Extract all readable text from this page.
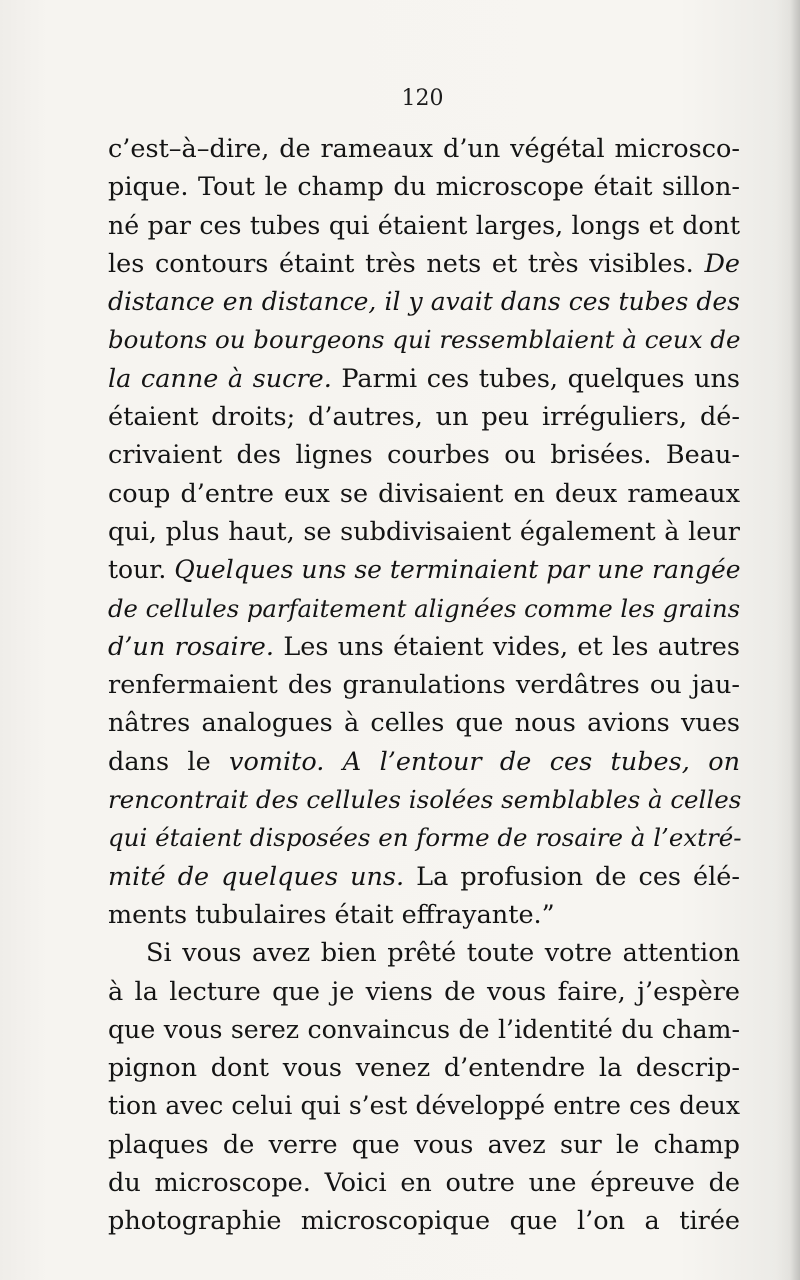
120
c’est–à–dire, de rameaux d’un végétal microsco-
pique. Tout le champ du microscope était sillon-
né par ces tubes qui étaient larges, longs et dont
les contours étaint très nets et très visibles. De
distance en distance, il y avait dans ces tubes des
boutons ou bourgeons qui ressemblaient à ceux de
la canne à sucre. Parmi ces tubes, quelques uns
étaient droits; d’autres, un peu irréguliers, dé-
crivaient des lignes courbes ou brisées. Beau-
coup d’entre eux se divisaient en deux rameaux
qui, plus haut, se subdivisaient également à leur
tour. Quelques uns se terminaient par une rangée
de cellules parfaitement alignées comme les grains
d’un rosaire. Les uns étaient vides, et les autres
renfermaient des granulations verdâtres ou jau-
nâtres analogues à celles que nous avions vues
dans le vomito. A l’entour de ces tubes, on
rencontrait des cellules isolées semblables à celles
qui étaient disposées en forme de rosaire à l’extré-
mité de quelques uns. La profusion de ces élé-
ments tubulaires était effrayante.”
Si vous avez bien prêté toute votre attention
à la lecture que je viens de vous faire, j’espère
que vous serez convaincus de l’identité du cham-
pignon dont vous venez d’entendre la descrip-
tion avec celui qui s’est développé entre ces deux
plaques de verre que vous avez sur le champ
du microscope. Voici en outre une épreuve de
photographie microscopique que l’on a tirée
